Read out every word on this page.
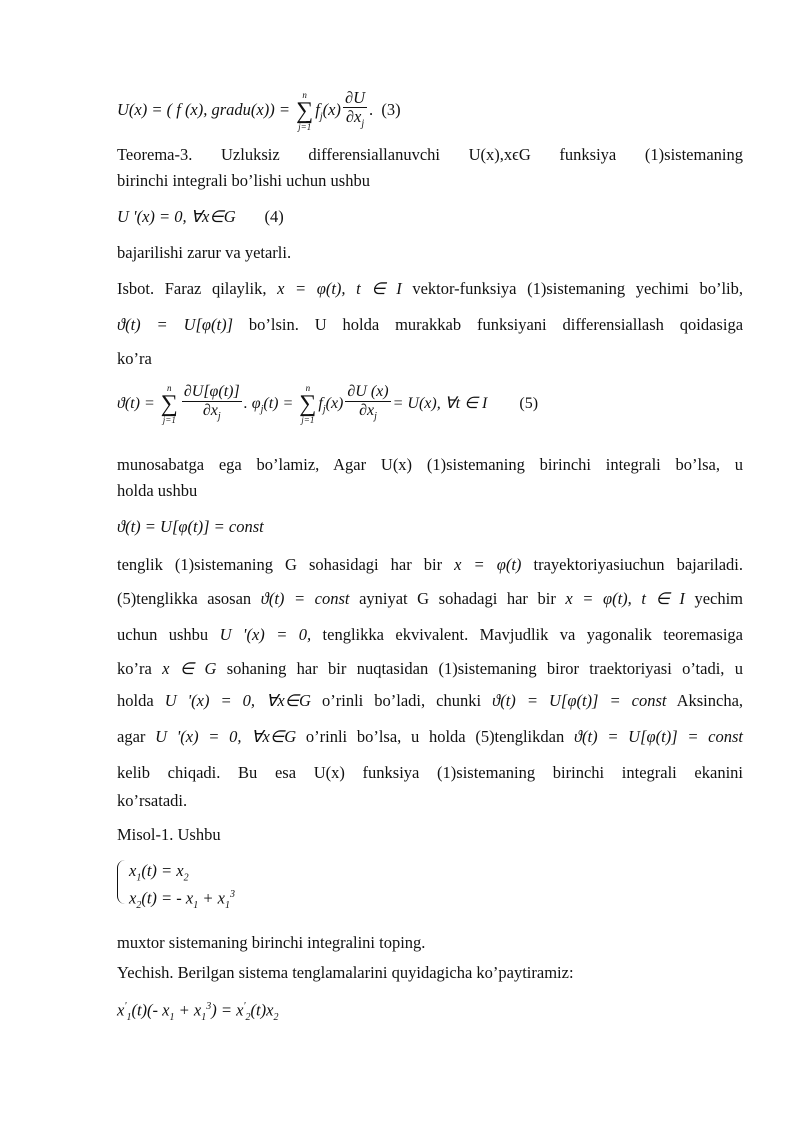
U(x) = ( f (x), gradu(x)) =
n
∑
j=1
$f_j(x) \frac{\partial U}{\partial x_j}$ . (3)
Teorema-3. Uzluksiz differensiallanuvchi U(x),xϵG funksiya (1)sistemaning
birinchi integrali bo’lishi uchun ushbu
U '(x) = 0, ∀x∈G (4)
bajarilishi zarur va yetarli.
Isbot. Faraz qilaylik, x = φ(t), t ∈ I vektor-funksiya (1)sistemaning yechimi bo’lib,
ϑ(t) = U[φ(t)] bo’lsin. U holda murakkab funksiyani differensiallash qoidasiga
ko’ra
ϑ(t) =
n
∑
$j=1 \frac{\partial U[\varphi(t)]}{\partial x_j}$ . $\varphi_j(t)$ =
n
∑
j=1
$f_j(x) \frac{\partial U (x)}{\partial x_j} = U(x)$, ∀t ∈ I (5)
munosabatga ega bo’lamiz, Agar U(x) (1)sistemaning birinchi integrali bo’lsa, u
holda ushbu
ϑ(t) = U[φ(t)] = const
tenglik (1)sistemaning G sohasidagi har bir x = φ(t) trayektoriyasiuchun bajariladi.
(5)tenglikka asosan ϑ(t) = const ayniyat G sohadagi har bir x = φ(t), t ∈ I yechim
uchun ushbu U '(x) = 0, tenglikka ekvivalent. Mavjudlik va yagonalik teoremasiga
ko’ra x ∈ G sohaning har bir nuqtasidan (1)sistemaning biror traektoriyasi o’tadi, u
holda U '(x) = 0, ∀x∈G o’rinli bo’ladi, chunki ϑ(t) = U[φ(t)] = const Aksincha,
agar U '(x) = 0, ∀x∈G o’rinli bo’lsa, u holda (5)tenglikdan ϑ(t) = U[φ(t)] = const
kelib chiqadi. Bu esa U(x) funksiya (1)sistemaning birinchi integrali ekanini
ko’rsatadi.
Misol-1. Ushbu
$x_1(t) = x_2$
$x_2(t)$ = - $x_1 + x_1^3$
muxtor sistemaning birinchi integralini toping.
Yechish. Berilgan sistema tenglamalarini quyidagicha ko’paytiramiz:
$x'_1(t)(-$ $x_1 + x_1^3) = x'_2(t)x_2$
